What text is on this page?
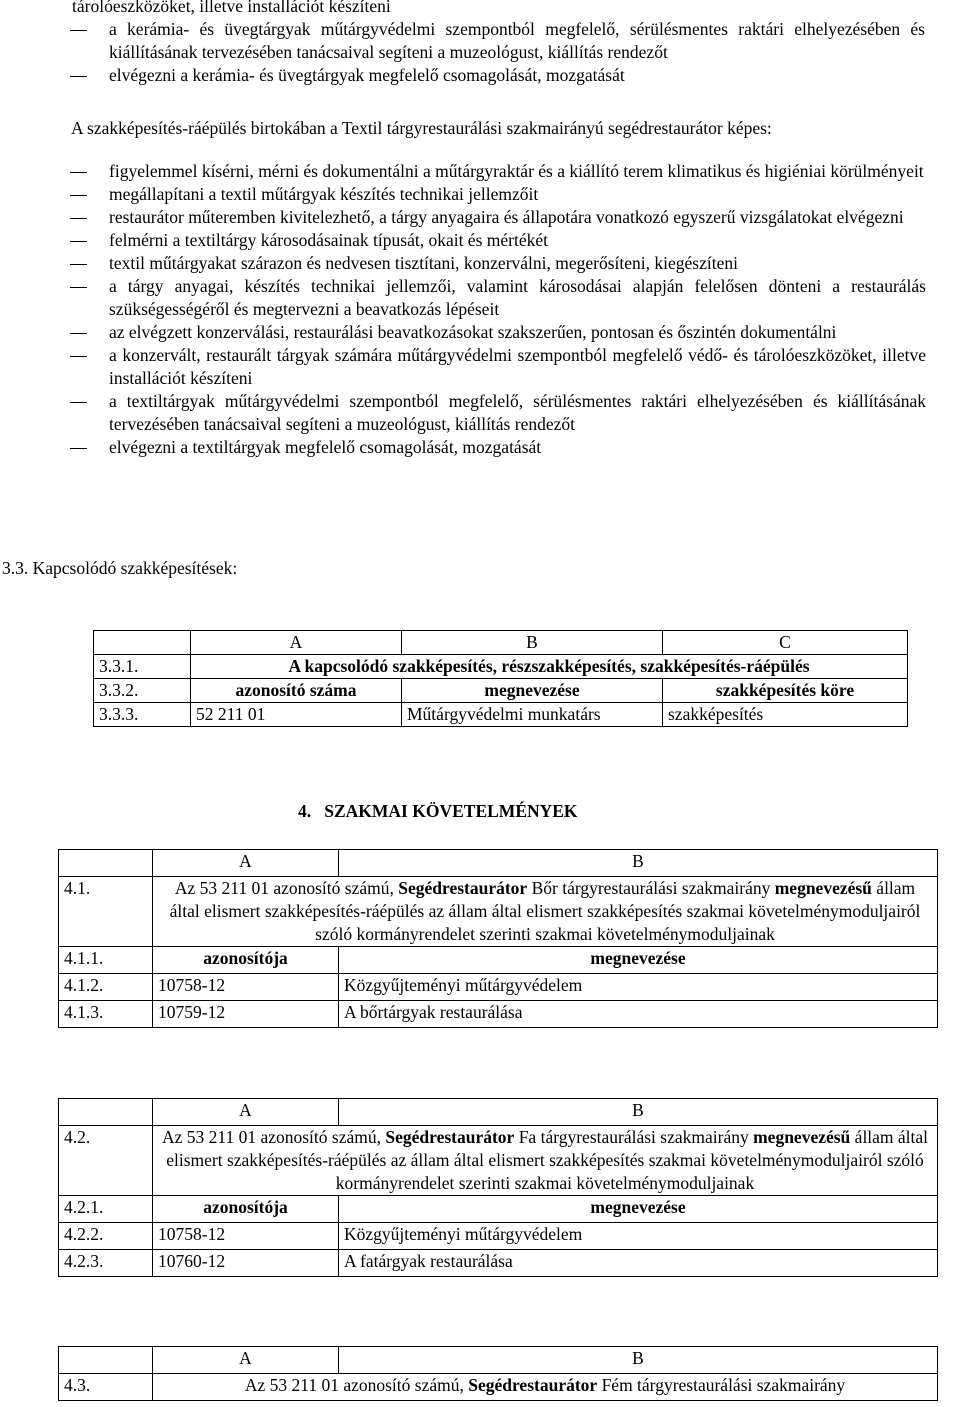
tárolóeszközöket, illetve installációt készíteni
a kerámia- és üvegtárgyak műtárgyvédelmi szempontból megfelelő, sérülésmentes raktári elhelyezésében és kiállításának tervezésében tanácsaival segíteni a muzeológust, kiállítás rendezőt
elvégezni a kerámia- és üvegtárgyak megfelelő csomagolását, mozgatását
A szakképesítés-ráépülés birtokában a Textil tárgyrestaurálási szakmairányú segédrestaurátor képes:
figyelemmel kísérni, mérni és dokumentálni a műtárgyraktár és a kiállító terem klimatikus és higiéniai körülményeit
megállapítani a textil műtárgyak készítés technikai jellemzőit
restaurátor műteremben kivitelezhető, a tárgy anyagaira és állapotára vonatkozó egyszerű vizsgálatokat elvégezni
felmérni a textiltárgy károsodásainak típusát, okait és mértékét
textil műtárgyakat szárazon és nedvesen tisztítani, konzerválni, megerősíteni, kiegészíteni
a tárgy anyagai, készítés technikai jellemzői, valamint károsodásai alapján felelősen dönteni a restaurálás szükségességéről és megtervezni a beavatkozás lépéseit
az elvégzett konzerválási, restaurálási beavatkozásokat szakszerűen, pontosan és őszintén dokumentálni
a konzervált, restaurált tárgyak számára műtárgyvédelmi szempontból megfelelő védő- és tárolóeszközöket, illetve installációt készíteni
a textiltárgyak műtárgyvédelmi szempontból megfelelő, sérülésmentes raktári elhelyezésében és kiállításának tervezésében tanácsaival segíteni a muzeológust, kiállítás rendezőt
elvégezni a textiltárgyak megfelelő csomagolását, mozgatását
3.3. Kapcsolódó szakképesítések:
	A	B	C
3.3.1.	A kapcsolódó szakképesítés, részszakképesítés, szakképesítés-ráépülés		
3.3.2.	azonosító száma	megnevezése	szakképesítés köre
3.3.3.	52 211 01	Műtárgyvédelmi munkatárs	szakképesítés
4.   SZAKMAI KÖVETELMÉNYEK
	A	B
4.1.	Az 53 211 01 azonosító számú, Segédrestaurátor Bőr tárgyrestaurálási szakmairány megnevezésű állam által elismert szakképesítés-ráépülés az állam által elismert szakképesítés szakmai követelménymoduljairól szóló kormányrendelet szerinti szakmai követelménymoduljainak	
4.1.1.	azonosítója	megnevezése
4.1.2.	10758-12	Közgyűjteményi műtárgyvédelem
4.1.3.	10759-12	A bőrtárgyak restaurálása
	A	B
4.2.	Az 53 211 01 azonosító számú, Segédrestaurátor Fa tárgyrestaurálási szakmairány megnevezésű állam által elismert szakképesítés-ráépülés az állam által elismert szakképesítés szakmai követelménymoduljairól szóló kormányrendelet szerinti szakmai követelménymoduljainak	
4.2.1.	azonosítója	megnevezése
4.2.2.	10758-12	Közgyűjteményi műtárgyvédelem
4.2.3.	10760-12	A fatárgyak restaurálása
	A	B
4.3.	Az 53 211 01 azonosító számú, Segédrestaurátor Fém tárgyrestaurálási szakmairány	
